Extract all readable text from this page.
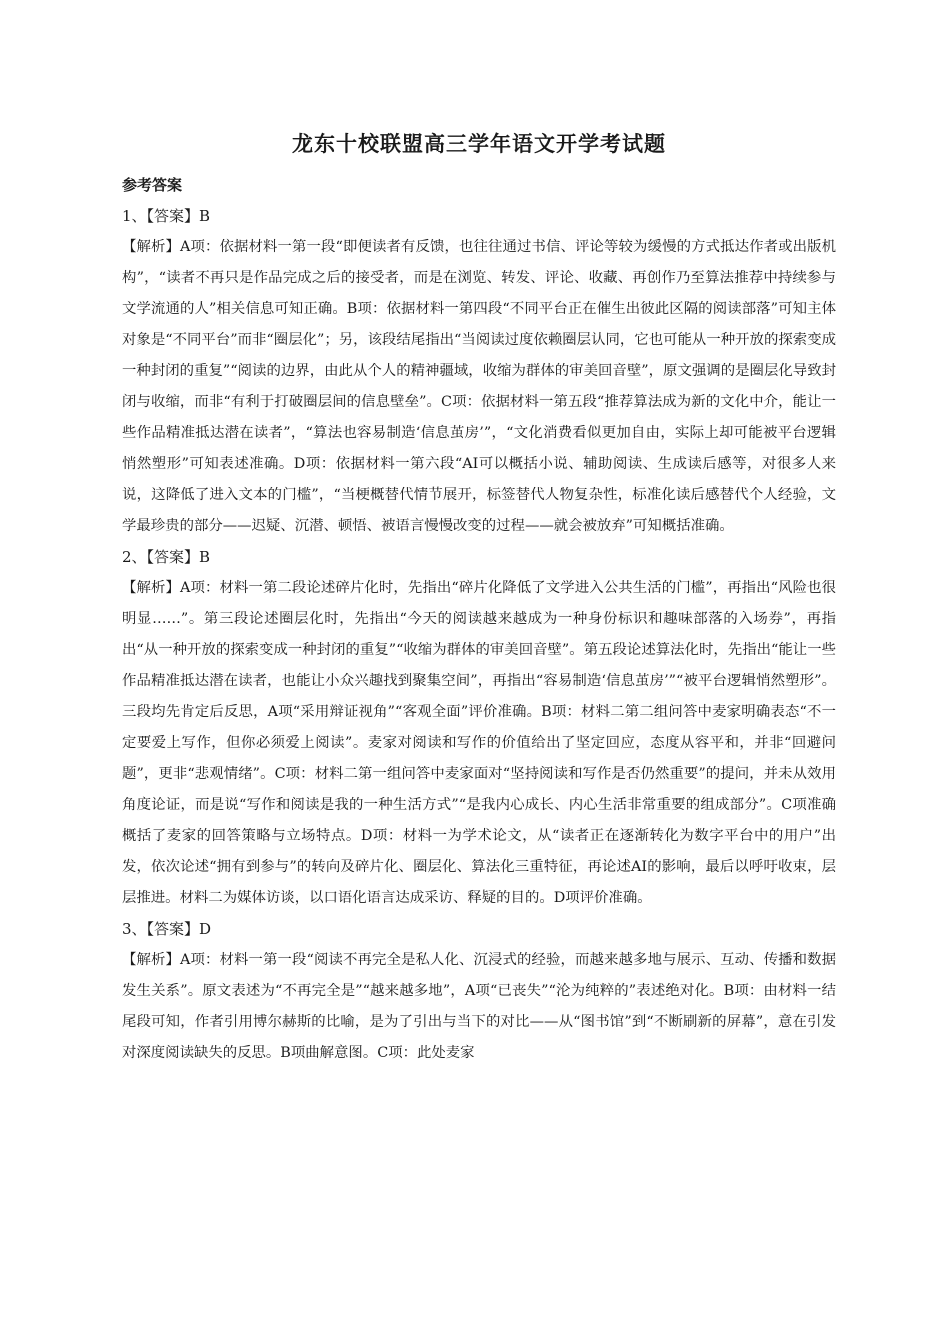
龙东十校联盟高三学年语文开学考试题

参考答案

1、【答案】B

【解析】A项：依据材料一第一段“即便读者有反馈，也往往通过书信、评论等较为缓慢的方式抵达作者或出版机构”，“读者不再只是作品完成之后的接受者，而是在浏览、转发、评论、收藏、再创作乃至算法推荐中持续参与文学流通的人”相关信息可知正确。B项：依据材料一第四段“不同平台正在催生出彼此区隔的阅读部落”可知主体对象是“不同平台”而非“圈层化”；另，该段结尾指出“当阅读过度依赖圈层认同，它也可能从一种开放的探索变成一种封闭的重复”“阅读的边界，由此从个人的精神疆域，收缩为群体的审美回音壁”，原文强调的是圈层化导致封闭与收缩，而非“有利于打破圈层间的信息壁垒”。C项：依据材料一第五段“推荐算法成为新的文化中介，能让一些作品精准抵达潜在读者”，“算法也容易制造‘信息茧房’”，“文化消费看似更加自由，实际上却可能被平台逻辑悄然塑形”可知表述准确。D项：依据材料一第六段“AI可以概括小说、辅助阅读、生成读后感等，对很多人来说，这降低了进入文本的门槛”，“当梗概替代情节展开，标签替代人物复杂性，标准化读后感替代个人经验，文学最珍贵的部分——迟疑、沉潜、顿悟、被语言慢慢改变的过程——就会被放弃”可知概括准确。

2、【答案】B

【解析】A项：材料一第二段论述碎片化时，先指出“碎片化降低了文学进入公共生活的门槛”，再指出“风险也很明显……”。第三段论述圈层化时，先指出“今天的阅读越来越成为一种身份标识和趣味部落的入场券”，再指出“从一种开放的探索变成一种封闭的重复”“收缩为群体的审美回音壁”。第五段论述算法化时，先指出“能让一些作品精准抵达潜在读者，也能让小众兴趣找到聚集空间”，再指出“容易制造‘信息茧房’”“被平台逻辑悄然塑形”。三段均先肯定后反思，A项“采用辩证视角”“客观全面”评价准确。B项：材料二第二组问答中麦家明确表态“不一定要爱上写作，但你必须爱上阅读”。麦家对阅读和写作的价值给出了坚定回应，态度从容平和，并非“回避问题”，更非“悲观情绪”。C项：材料二第一组问答中麦家面对“坚持阅读和写作是否仍然重要”的提问，并未从效用角度论证，而是说“写作和阅读是我的一种生活方式”“是我内心成长、内心生活非常重要的组成部分”。C项准确概括了麦家的回答策略与立场特点。D项：材料一为学术论文，从“读者正在逐渐转化为数字平台中的用户”出发，依次论述“拥有到参与”的转向及碎片化、圈层化、算法化三重特征，再论述AI的影响，最后以呼吁收束，层层推进。材料二为媒体访谈，以口语化语言达成采访、释疑的目的。D项评价准确。

3、【答案】D

【解析】A项：材料一第一段“阅读不再完全是私人化、沉浸式的经验，而越来越多地与展示、互动、传播和数据发生关系”。原文表述为“不再完全是”“越来越多地”，A项“已丧失”“沦为纯粹的”表述绝对化。B项：由材料一结尾段可知，作者引用博尔赫斯的比喻，是为了引出与当下的对比——从“图书馆”到“不断刷新的屏幕”，意在引发对深度阅读缺失的反思。B项曲解意图。C项：此处麦家
